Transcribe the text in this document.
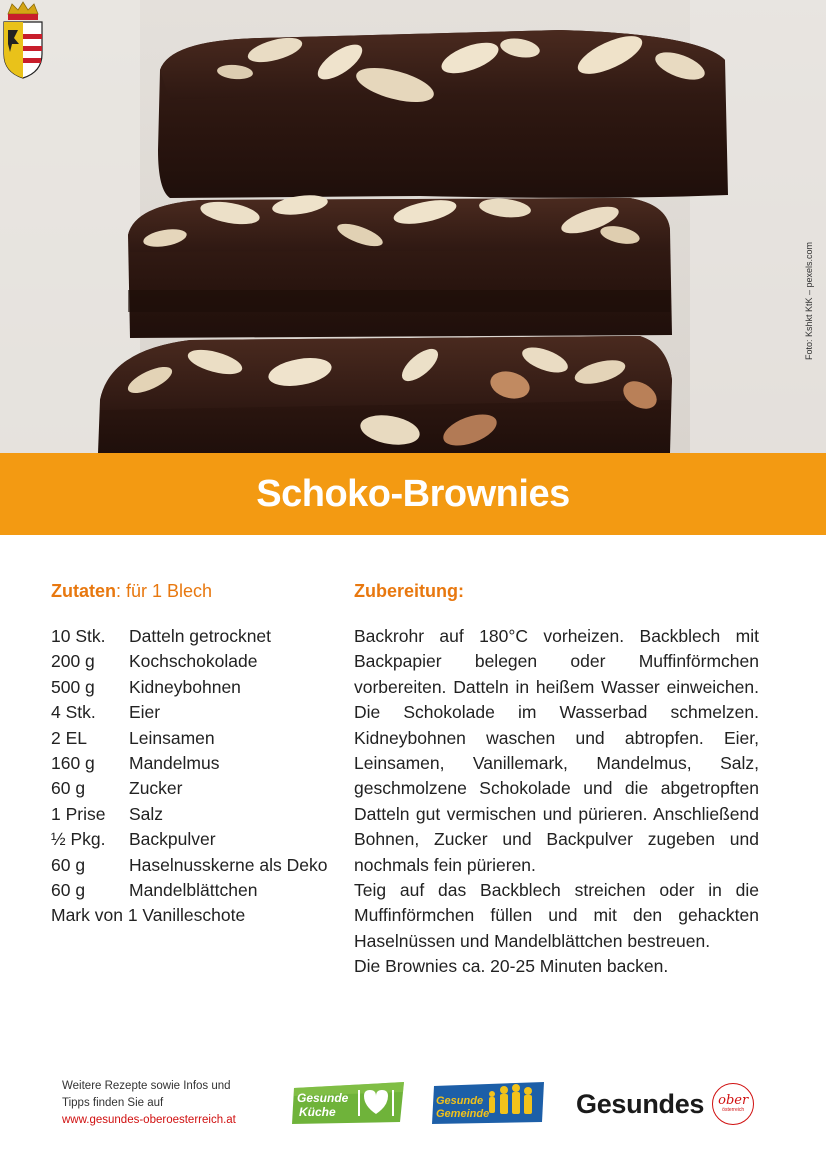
Foto: Kshkt KtK – pexels.com
Schoko-Brownies
Zutaten: für 1 Blech
10 Stk.	Datteln getrocknet
200 g	Kochschokolade
500 g	Kidneybohnen
4 Stk.	Eier
2 EL	Leinsamen
160 g	Mandelmus
60 g	Zucker
1 Prise	Salz
½ Pkg.	Backpulver
60 g	Haselnusskerne als Deko
60 g	Mandelblättchen
Mark von 1 Vanilleschote
Zubereitung:

Backrohr auf 180°C vorheizen. Backblech mit Backpapier belegen oder Muffinförmchen vorbereiten. Datteln in heißem Wasser einweichen. Die Schokolade im Wasserbad schmelzen. Kidneybohnen waschen und abtropfen. Eier, Leinsamen, Vanillemark, Mandelmus, Salz, geschmolzene Schokolade und die abgetropften Datteln gut vermischen und pürieren. Anschließend Bohnen, Zucker und Backpulver zugeben und nochmals fein pürieren.

Teig auf das Backblech streichen oder in die Muffinförmchen füllen und mit den gehackten Haselnüssen und Mandelblättchen bestreuen.

Die Brownies ca. 20-25 Minuten backen.

Weitere Rezepte sowie Infos und
Tipps finden Sie auf
www.gesundes-oberoesterreich.at
Gesunde
Küche
Gesunde
Gemeinde	Gesundes ober
österreich
